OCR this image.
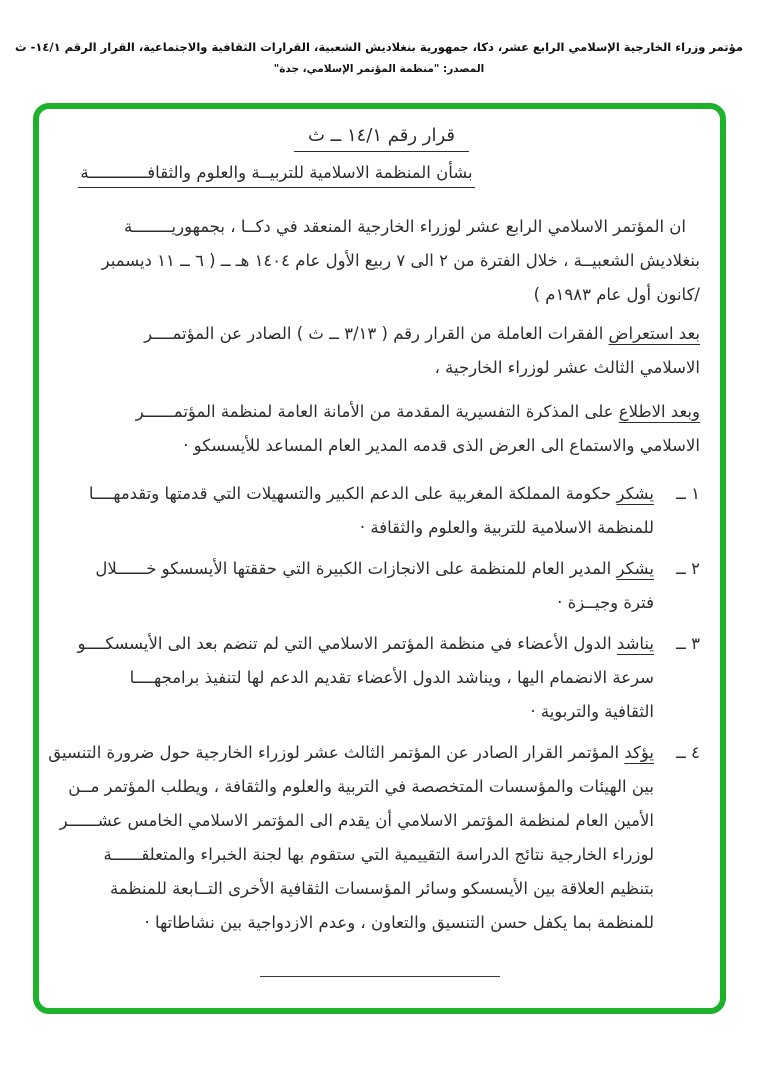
مؤتمر وزراء الخارجية الإسلامي الرابع عشر، دكا، جمهورية بنغلاديش الشعبية، القرارات الثقافية والاجتماعية، القرار الرقم ١٤/١- ث
المصدر: "منظمة المؤتمر الإسلامي، جدة"
قرار رقم ١٤/١ ــ ث
بشأن المنظمة الاسلامية للتربيــة والعلوم والثقافــــــــــــة
ان المؤتمر الاسلامي الرابع عشر لوزراء الخارجية المنعقد في دكــا ، بجمهوريــــــــة
بنغلاديش الشعبيــة ، خلال الفترة من ٢ الى ٧ ربيع الأول عام ١٤٠٤ هـ ــ ( ٦ ــ ١١ ديسمبر
/كانون أول عام ١٩٨٣م )
بعد استعراض الفقرات العاملة من القرار رقم ( ٣/١٣ ــ ث ) الصادر عن المؤتمــــر
الاسلامي الثالث عشر لوزراء الخارجية ،
وبعد الاطلاع على المذكرة التفسيرية المقدمة من الأمانة العامة لمنظمة المؤتمــــــر
الاسلامي والاستماع الى العرض الذى قدمه المدير العام المساعد للأيسسكو ·
١ ــ
يشكر حكومة المملكة المغربية على الدعم الكبير والتسهيلات التي قدمتها وتقدمهــــا
للمنظمة الاسلامية للتربية والعلوم والثقافة ·
٢ ــ
يشكر المدير العام للمنظمة على الانجازات الكبيرة التي حققتها الأيسسكو خــــــلال
فترة وجيــزة ·
٣ ــ
يناشد الدول الأعضاء في منظمة المؤتمر الاسلامي التي لم تنضم بعد الى الأيسسكــــو
سرعة الانضمام اليها ، ويناشد الدول الأعضاء تقديم الدعم لها لتنفيذ برامجهــــا
الثقافية والتربوية ·
٤ ــ
يؤكد المؤتمر القرار الصادر عن المؤتمر الثالث عشر لوزراء الخارجية حول ضرورة التنسيق
بين الهيئات والمؤسسات المتخصصة في التربية والعلوم والثقافة ، ويطلب المؤتمر مــن
الأمين العام لمنظمة المؤتمر الاسلامي أن يقدم الى المؤتمر الاسلامي الخامس عشــــــر
لوزراء الخارجية نتائج الدراسة التقييمية التي ستقوم بها لجنة الخبراء والمتعلقــــــة
بتنظيم العلاقة بين الأيسسكو وسائر المؤسسات الثقافية الأخرى التــابعة للمنظمة
للمنظمة بما يكفل حسن التنسيق والتعاون ، وعدم الازدواجية بين نشاطاتها ·
